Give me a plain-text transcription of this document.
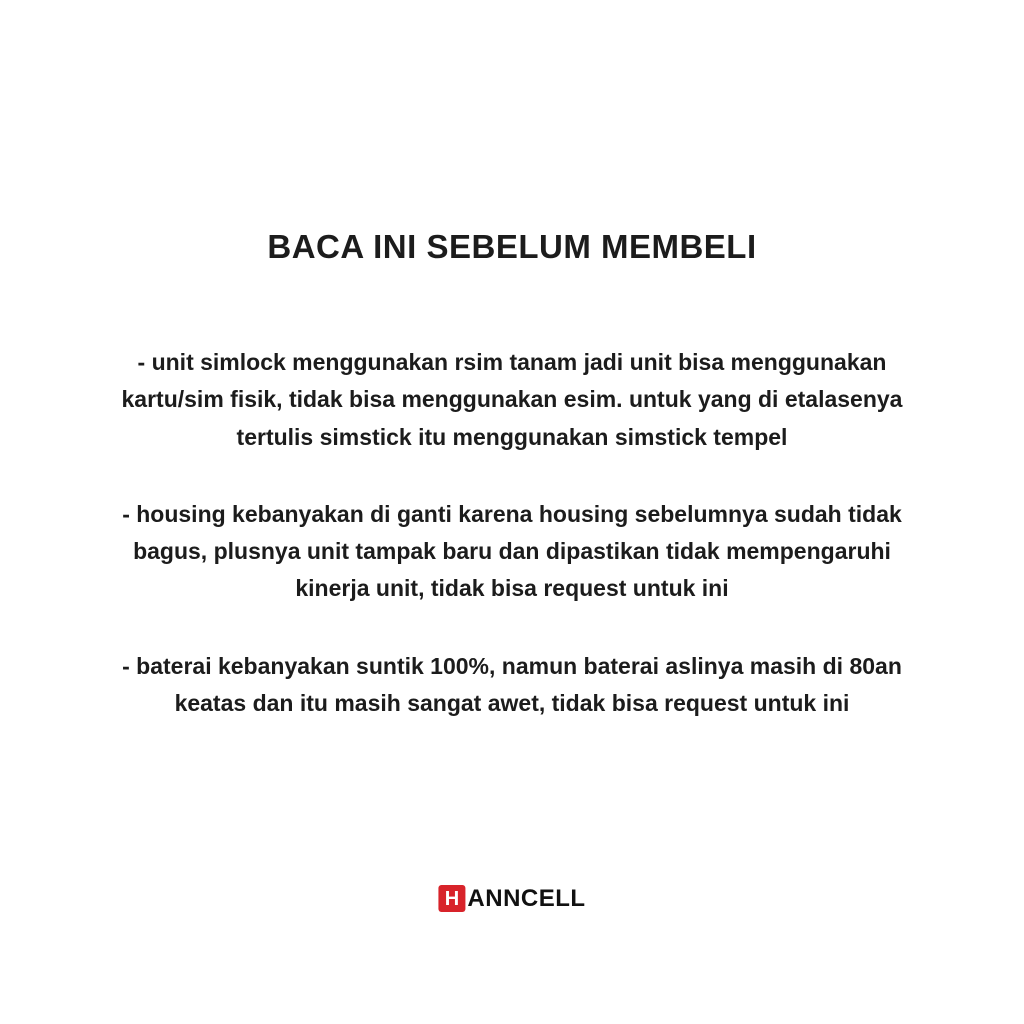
BACA INI SEBELUM MEMBELI

- unit simlock menggunakan rsim tanam jadi unit bisa menggunakan kartu/sim fisik, tidak bisa menggunakan esim. untuk yang di etalasenya tertulis simstick itu menggunakan simstick tempel

- housing kebanyakan di ganti karena housing sebelumnya sudah tidak bagus, plusnya unit tampak baru dan dipastikan tidak mempengaruhi kinerja unit, tidak bisa request untuk ini

- baterai kebanyakan suntik 100%, namun baterai aslinya masih di 80an keatas dan itu masih sangat awet, tidak bisa request untuk ini

H ANNCELL
